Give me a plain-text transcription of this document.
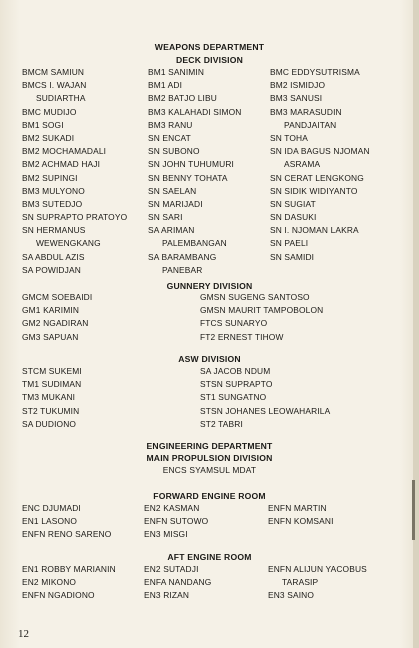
WEAPONS DEPARTMENT
DECK DIVISION
BMCM SAMIUN
BMCS I. WAJAN
SUDIARTHA
BMC MUDIJO
BM1 SOGI
BM2 SUKADI
BM2 MOCHAMADALI
BM2 ACHMAD HAJI
BM2 SUPINGI
BM3 MULYONO
BM3 SUTEDJO
SN SUPRAPTO PRATOYO
SN HERMANUS
WEWENGKANG
SA ABDUL AZIS
SA POWIDJAN
BM1 SANIMIN
BM1 ADI
BM2 BATJO LIBU
BM3 KALAHADI SIMON
BM3 RANU
SN ENCAT
SN SUBONO
SN JOHN TUHUMURI
SN BENNY TOHATA
SN SAELAN
SN MARIJADI
SN SARI
SA ARIMAN
PALEMBANGAN
SA BARAMBANG
PANEBAR
BMC EDDYSUTRISMA
BM2 ISMIDJO
BM3 SANUSI
BM3 MARASUDIN
PANDJAITAN
SN TOHA
SN IDA BAGUS NJOMAN
ASRAMA
SN CERAT LENGKONG
SN SIDIK WIDIYANTO
SN SUGIAT
SN DASUKI
SN I. NJOMAN LAKRA
SN PAELI
SN SAMIDI
GUNNERY DIVISION
GMCM SOEBAIDI
GM1 KARIMIN
GM2 NGADIRAN
GM3 SAPUAN
GMSN SUGENG SANTOSO
GMSN MAURIT TAMPOBOLON
FTCS SUNARYO
FT2 ERNEST TIHOW
ASW DIVISION
STCM SUKEMI
TM1 SUDIMAN
TM3 MUKANI
ST2 TUKUMIN
SA DUDIONO
SA JACOB NDUM
STSN SUPRAPTO
ST1 SUNGATNO
STSN JOHANES LEOWAHARILA
ST2 TABRI
ENGINEERING DEPARTMENT
MAIN PROPULSION DIVISION
ENCS SYAMSUL MDAT
FORWARD ENGINE ROOM
ENC DJUMADI
EN1 LASONO
ENFN RENO SARENO
EN2 KASMAN
ENFN SUTOWO
EN3 MISGI
ENFN MARTIN
ENFN KOMSANI
AFT ENGINE ROOM
EN1 ROBBY MARIANIN
EN2 MIKONO
ENFN NGADIONO
EN2 SUTADJI
ENFA NANDANG
EN3 RIZAN
ENFN ALIJUN YACOBUS
TARASIP
EN3 SAINO
12
